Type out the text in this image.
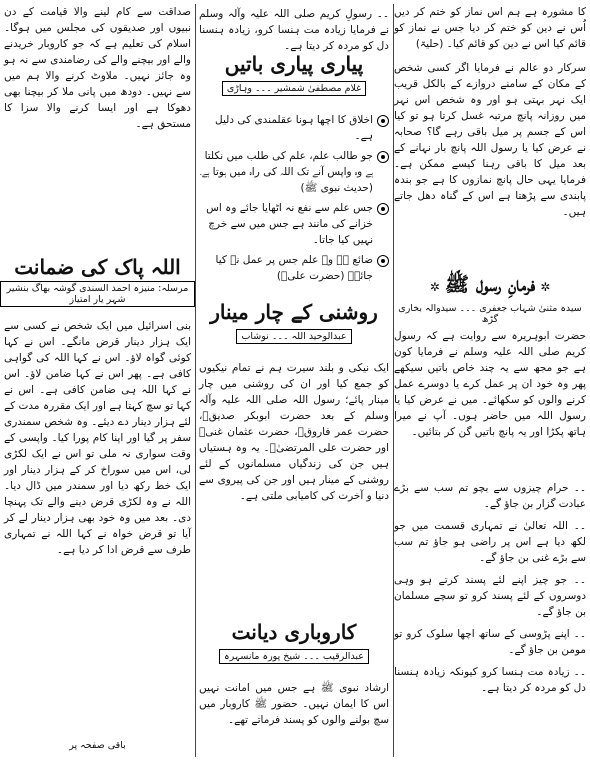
کا مشورہ ہے ہم اس نماز کو ختم کر دیں اُس نے دین کو ختم کر دیا جس نے نماز کو قائم کیا اس نے دین کو قائم کیا۔ (حلیۃ)

سرکار دو عالم نے فرمایا اگر کسی شخص کے مکان کے سامنے دروازے کے بالکل قریب ایک نہر بہتی ہو اور وہ شخص اس نہر میں روزانہ پانچ مرتبہ غسل کرتا ہو تو کیا اس کے جسم پر میل باقی رہے گا؟ صحابہ نے عرض کیا یا رسول اللہ پانچ بار نہانے کے بعد میل کا باقی رہنا کیسے ممکن ہے۔ فرمایا یہی حال پانچ نمازوں کا ہے جو بندہ پابندی سے پڑھتا ہے اس کے گناہ دھل جاتے ہیں۔

✲ فرمانِ رسول ﷺ ✲
سیدہ مثنیٰ شہاب جعفری ۔۔۔ سیدوالہ بخاری گڑھ

حضرت ابوہریرہ سے روایت ہے کہ رسول کریم صلی اللہ علیہ وسلم نے فرمایا کون ہے جو مجھ سے یہ چند خاص باتیں سیکھے پھر وہ خود ان پر عمل کرے یا دوسرے عمل کرنے والوں کو سکھائے۔ میں نے عرض کیا یا رسول اللہ میں حاضر ہوں۔ آپ نے میرا ہاتھ پکڑا اور یہ پانچ باتیں گن کر بتائیں۔

۔۔ حرام چیزوں سے بچو تم سب سے بڑے عبادت گزار بن جاؤ گے۔

۔۔ اللہ تعالیٰ نے تمہاری قسمت میں جو لکھ دیا ہے اس پر راضی ہو جاؤ تم سب سے بڑے غنی بن جاؤ گے۔

۔۔ جو چیز اپنے لئے پسند کرتے ہو وہی دوسروں کے لئے پسند کرو تو سچے مسلمان بن جاؤ گے۔

۔۔ اپنے پڑوسی کے ساتھ اچھا سلوک کرو تو مومن بن جاؤ گے۔

۔۔ زیادہ مت ہنسا کرو کیونکہ زیادہ ہنسنا دل کو مردہ کر دیتا ہے۔

۔۔ رسولِ کریم صلی اللہ علیہ وآلہ وسلم نے فرمایا زیادہ مت ہنسا کرو، زیادہ ہنسنا دل کو مردہ کر دیتا ہے۔

پیاری پیاری باتیں
غلام مصطفیٰ شمشیر ۔۔۔ وہاڑی
اخلاق کا اچھا ہونا عقلمندی کی دلیل ہے۔
جو طالب علم، علم کی طلب میں نکلتا ہے وہ واپس آنے تک اللہ کی راہ میں ہوتا ہے۔ (حدیث نبوی ﷺ)
جس علم سے نفع نہ اٹھایا جائے وہ اس خزانے کی مانند ہے جس میں سے خرچ نہیں کیا جاتا۔
ضائع ہے وہ علم جس پر عمل نہ کیا جائے۔ (حضرت علیؓ)
روشنی کے چار مینار
عبدالوحید اللہ ۔۔۔ نوشاب

ایک نیکی و بلند سیرت ہم نے تمام نیکیوں کو جمع کیا اور ان کی روشنی میں چار مینار پائے؛ رسول اللہ صلی اللہ علیہ وآلہ وسلم کے بعد حضرت ابوبکر صدیقؓ، حضرت عمر فاروقؓ، حضرت عثمان غنیؓ اور حضرت علی المرتضیٰؓ۔ یہ وہ ہستیاں ہیں جن کی زندگیاں مسلمانوں کے لئے روشنی کے مینار ہیں اور جن کی پیروی سے دنیا و آخرت کی کامیابی ملتی ہے۔

کاروباری دیانت
عبدالرقیب ۔۔۔ شیخ پورہ مانسہرہ

ارشاد نبوی ﷺ ہے جس میں امانت نہیں اس کا ایمان نہیں۔ حضور ﷺ کاروبار میں سچ بولنے والوں کو پسند فرماتے تھے۔

صداقت سے کام لینے والا قیامت کے دن نبیوں اور صدیقوں کی مجلس میں ہوگا۔ اسلام کی تعلیم ہے کہ جو کاروبار خریدنے والے اور بیچنے والے کی رضامندی سے نہ ہو وہ جائز نہیں۔ ملاوٹ کرنے والا ہم میں سے نہیں۔ دودھ میں پانی ملا کر بیچنا بھی دھوکا ہے اور ایسا کرنے والا سزا کا مستحق ہے۔

اللہ پاک کی ضمانت
مرسلہ: منیزہ احمد السندی گوشہ بھاگ بنشیر شہر یار امتیاز

بنی اسرائیل میں ایک شخص نے کسی سے ایک ہزار دینار قرض مانگے۔ اس نے کہا کوئی گواہ لاؤ۔ اس نے کہا اللہ کی گواہی کافی ہے۔ پھر اس نے کہا ضامن لاؤ۔ اس نے کہا اللہ ہی ضامن کافی ہے۔ اس نے کہا تو سچ کہتا ہے اور ایک مقررہ مدت کے لئے ہزار دینار دے دیئے۔ وہ شخص سمندری سفر پر گیا اور اپنا کام پورا کیا۔ واپسی کے وقت سواری نہ ملی تو اس نے ایک لکڑی لی، اس میں سوراخ کر کے ہزار دینار اور ایک خط رکھ دیا اور سمندر میں ڈال دیا۔ اللہ نے وہ لکڑی قرض دینے والے تک پہنچا دی۔ بعد میں وہ خود بھی ہزار دینار لے کر آیا تو قرض خواہ نے کہا اللہ نے تمہاری طرف سے قرض ادا کر دیا ہے۔

باقی صفحہ پر
